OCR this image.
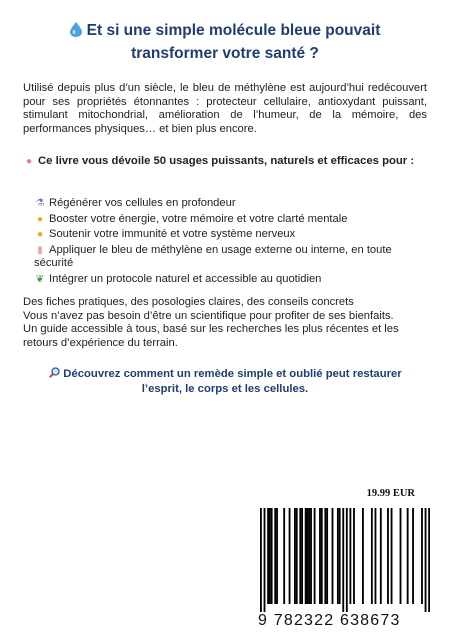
Et si une simple molécule bleue pouvait
transformer votre santé ?
Utilisé depuis plus d’un siècle, le bleu de méthylène est aujourd’hui redécouvert pour ses propriétés étonnantes : protecteur cellulaire, antioxydant puissant, stimulant mitochondrial, amélioration de l’humeur, de la mémoire, des performances physiques… et bien plus encore.
● Ce livre vous dévoile 50 usages puissants, naturels et efficaces pour :
⚗ Régénérer vos cellules en profondeur
● Booster votre énergie, votre mémoire et votre clarté mentale
● Soutenir votre immunité et votre système nerveux
▮ Appliquer le bleu de méthylène en usage externe ou interne, en toute sécurité
❦ Intégrer un protocole naturel et accessible au quotidien
Des fiches pratiques, des posologies claires, des conseils concrets
Vous n’avez pas besoin d’être un scientifique pour profiter de ses bienfaits.
Un guide accessible à tous, basé sur les recherches les plus récentes et les retours d’expérience du terrain.
Découvrez comment un remède simple et oublié peut restaurer
l’esprit, le corps et les cellules.
19.99 EUR
9 782322 638673
